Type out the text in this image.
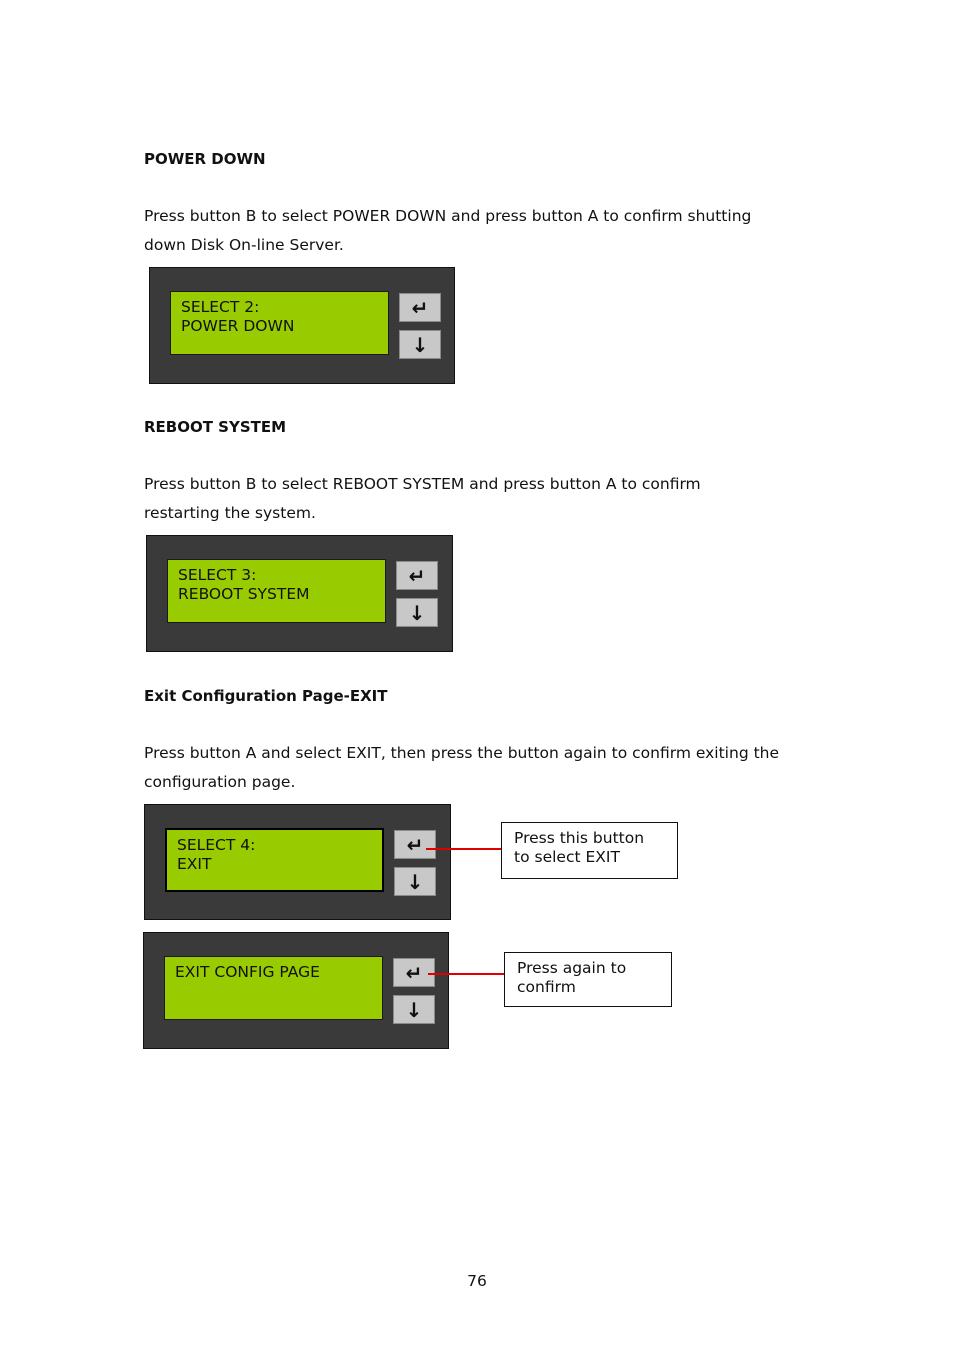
POWER DOWN
Press button B to select POWER DOWN and press button A to confirm shutting
down Disk On-line Server.
SELECT 2:
POWER DOWN
↵
↓
REBOOT SYSTEM
Press button B to select REBOOT SYSTEM and press button A to confirm
restarting the system.
SELECT 3:
REBOOT SYSTEM
↵
↓
Exit Configuration Page-EXIT
Press button A and select EXIT, then press the button again to confirm exiting the
configuration page.
SELECT 4:
EXIT
↵
↓
Press this button
to select EXIT
EXIT CONFIG PAGE	↵
↓
Press again to
confirm
76
